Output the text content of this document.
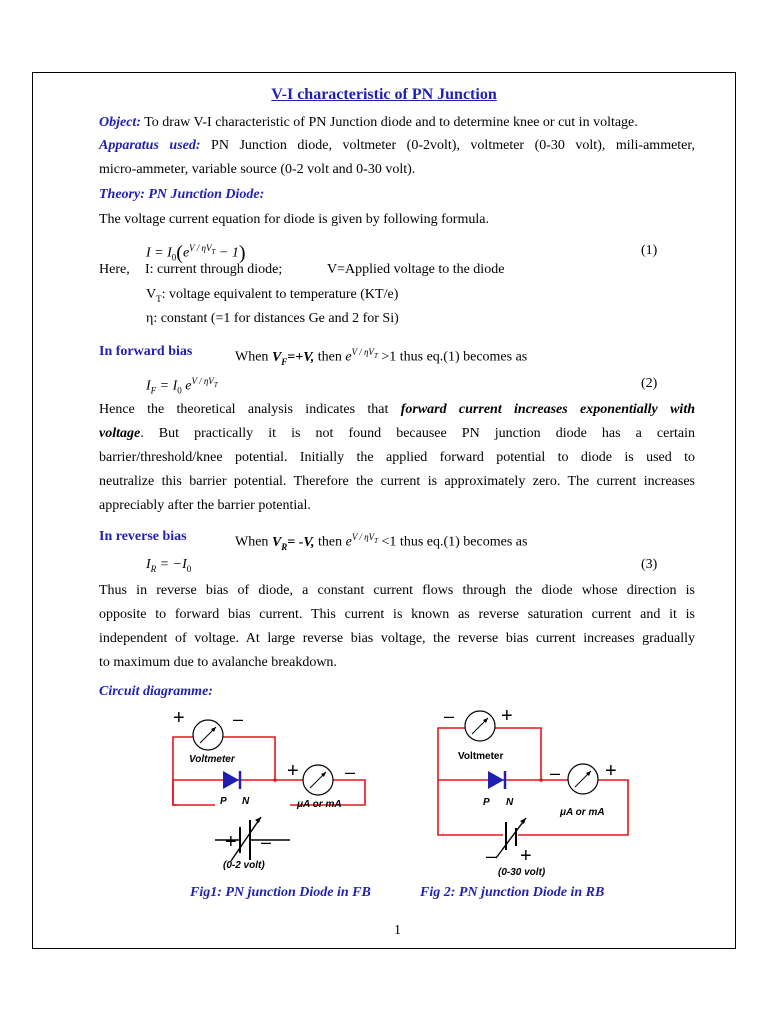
V-I characteristic of PN Junction
Object: To draw V-I characteristic of PN Junction diode and to determine knee or cut in voltage.
Apparatus used: PN Junction diode, voltmeter (0-2volt), voltmeter (0-30 volt), mili-ammeter,
micro-ammeter, variable source (0-2 volt and 0-30 volt).
Theory: PN Junction Diode:
The voltage current equation for diode is given by following formula.
$I = I_0(e^{V / \eta V_T} - 1)$	(1)
Here, I: current through diode;	V=Applied voltage to the diode
$V_T$: voltage equivalent to temperature (KT/e)
η: constant (=1 for distances Ge and 2 for Si)
In forward bias	When $V_F=+V$, then $e^{V / \eta V_T} >1$ thus eq.(1) becomes as
$I_F = I_0$ $e^{V / \eta V_T}$	(2)
Hence the theoretical analysis indicates that forward current increases exponentially with
voltage. But practically it is not found becausee PN junction diode has a certain
barrier/threshold/knee potential. Initially the applied forward potential to diode is used to
neutralize this barrier potential. Therefore the current is approximately zero. The current increases
appreciably after the barrier potential.
In reverse bias	When $V_R= -V$, then $e^{V / \eta V_T} <1$ thus eq.(1) becomes as
$I_R = -I_0$	(3)
Thus in reverse bias of diode, a constant current flows through the diode whose direction is
opposite to forward bias current. This current is known as reverse saturation current and it is
independent of voltage. At large reverse bias voltage, the reverse bias current increases gradually
to maximum due to avalanche breakdown.
Circuit diagramme:
+	–
Voltmeter
P N
+	–
μA or mA
+ –
(0-2 volt)
– +
Voltmeter
P N
– +
μA or mA
– +
(0-30 volt)
Fig1: PN junction Diode in FB	Fig 2: PN junction Diode in RB
1
